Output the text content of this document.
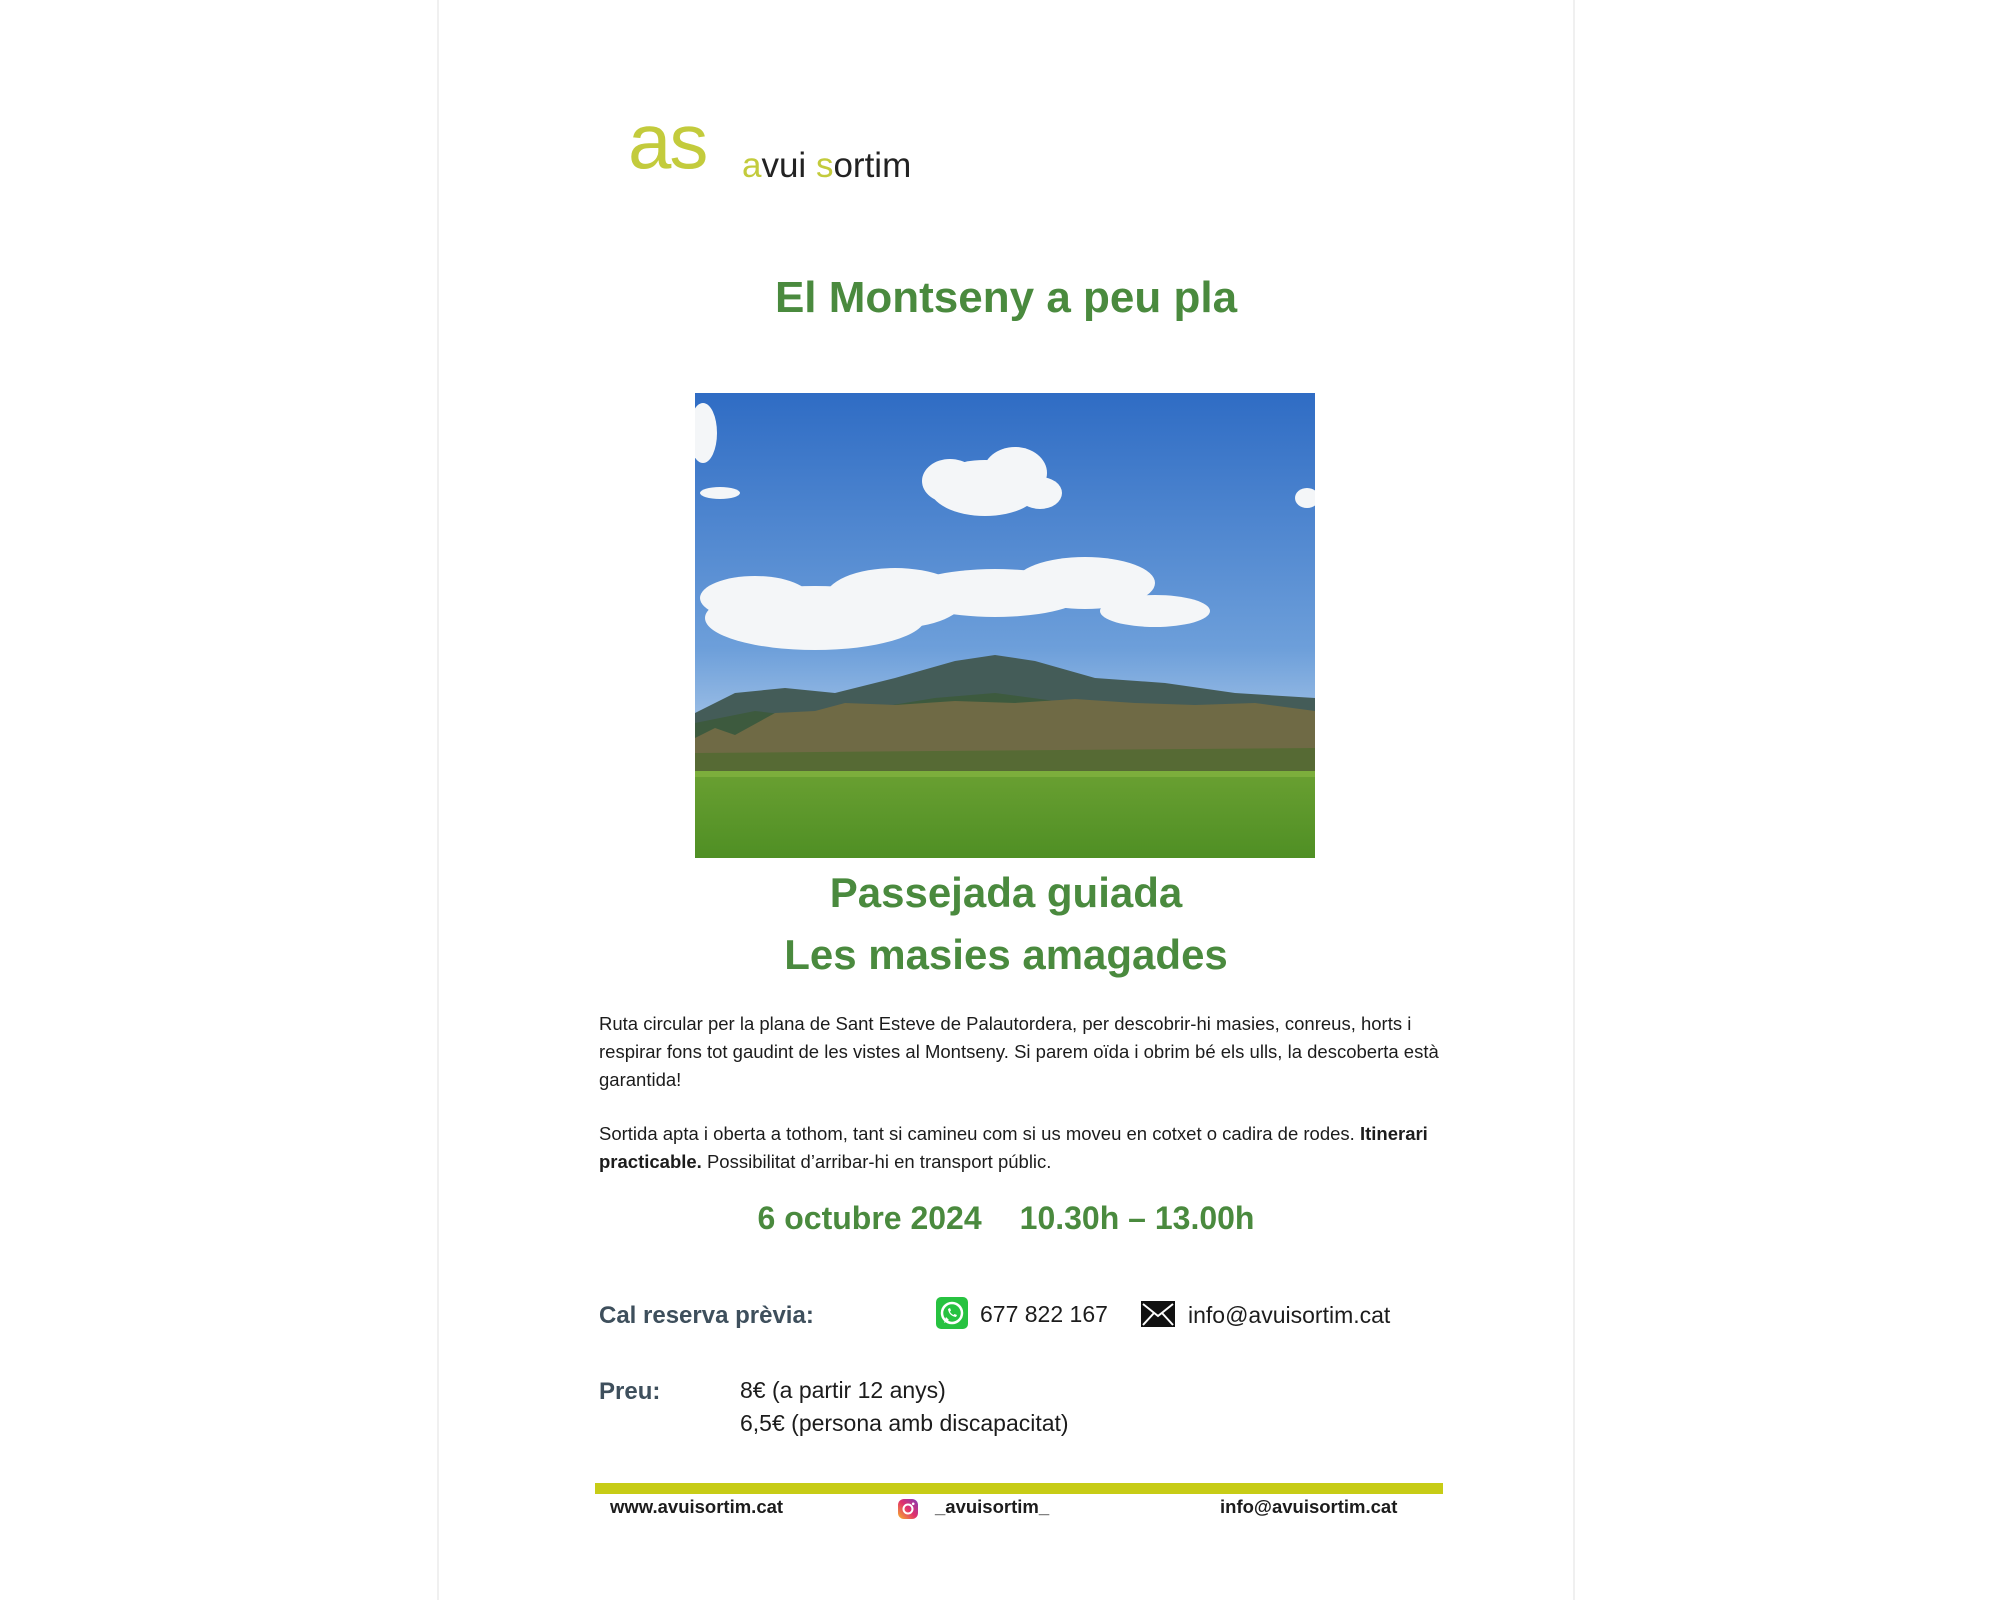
as avui sortim
El Montseny a peu pla
Passejada guiada
Les masies amagades
Ruta circular per la plana de Sant Esteve de Palautordera, per descobrir-hi masies, conreus, horts i respirar fons tot gaudint de les vistes al Montseny. Si parem oïda i obrim bé els ulls, la descoberta està garantida!
Sortida apta i oberta a tothom, tant si camineu com si us moveu en cotxet o cadira de rodes. Itinerari practicable. Possibilitat d’arribar-hi en transport públic.
6 octubre 2024 10.30h – 13.00h
Cal reserva prèvia:	677 822 167	info@avuisortim.cat
Preu:	8€ (a partir 12 anys)
6,5€ (persona amb discapacitat)
www.avuisortim.cat	_avuisortim_	info@avuisortim.cat
